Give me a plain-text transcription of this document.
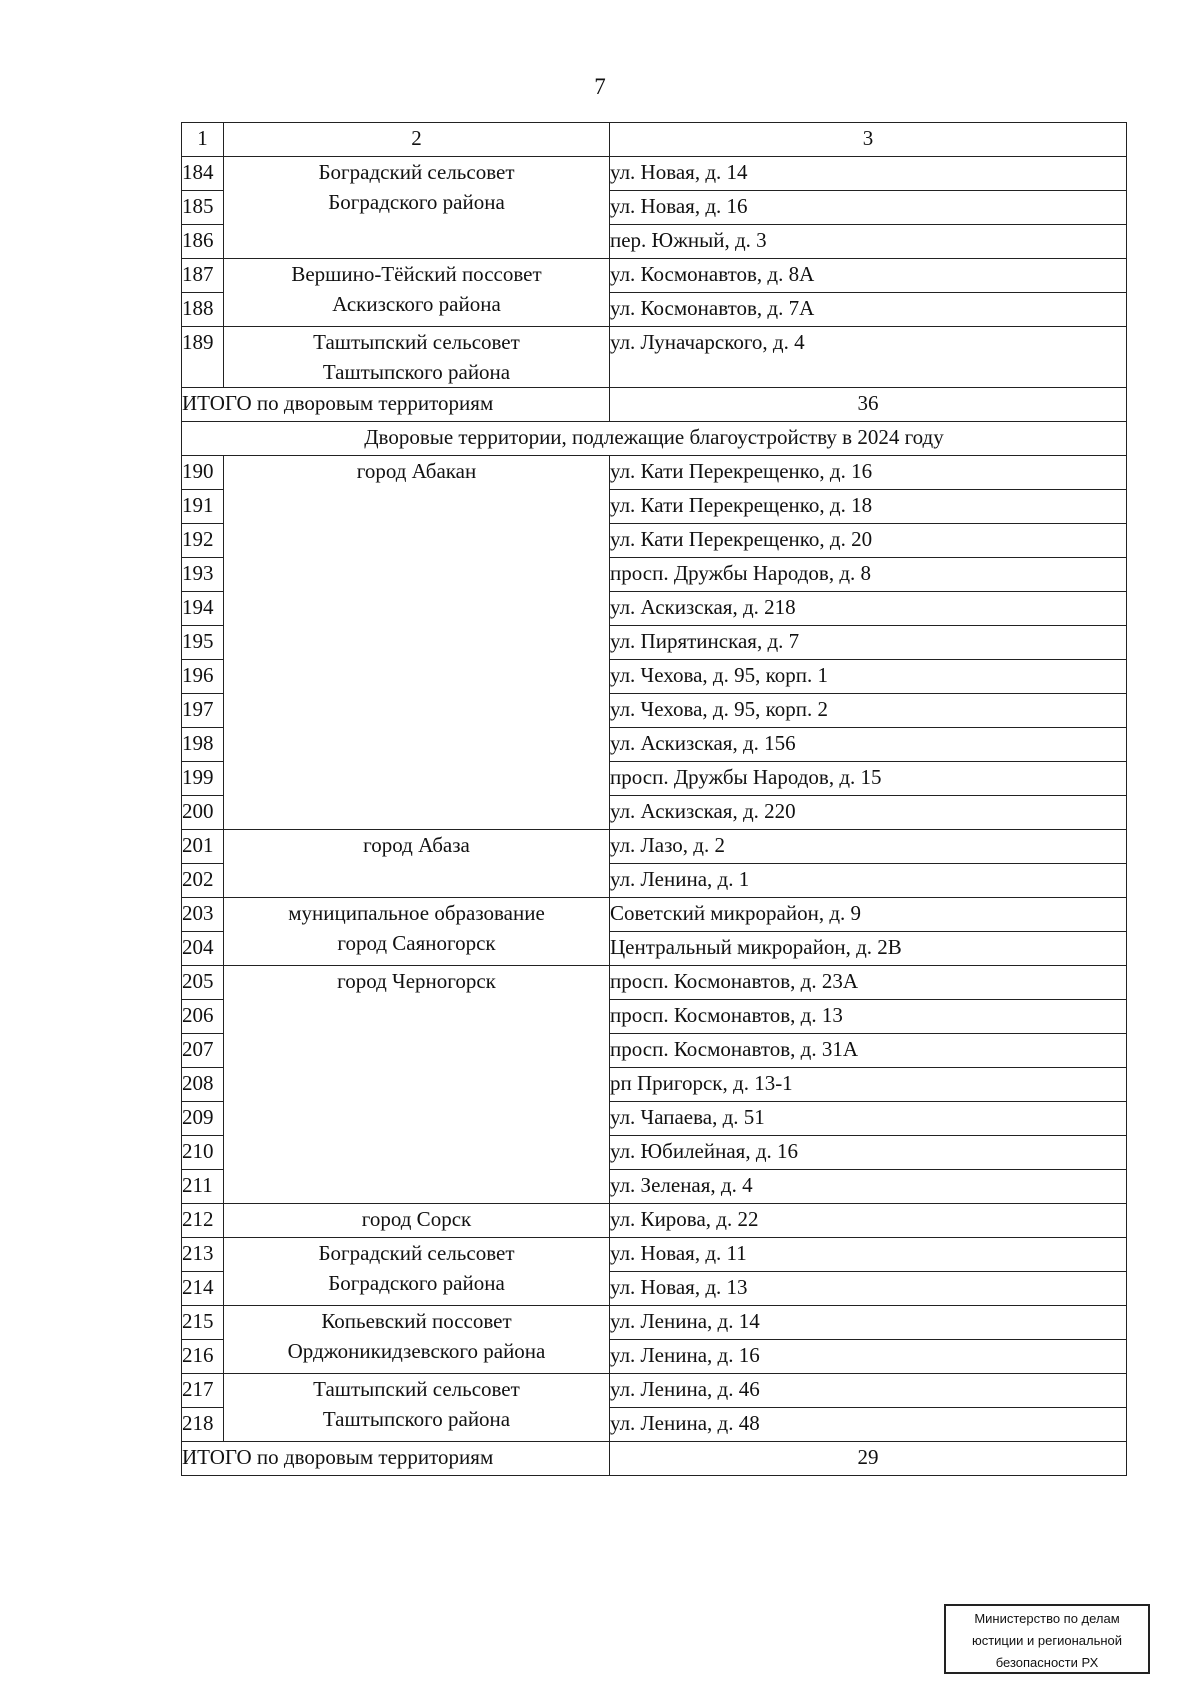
7
1	2	3
184	Боградский сельсовет
Боградского района	ул. Новая, д. 14
185		ул. Новая, д. 16
186		пер. Южный, д. 3
187	Вершино-Тёйский поссовет
Аскизского района	ул. Космонавтов, д. 8А
188		ул. Космонавтов, д. 7А
189	Таштыпский сельсовет
Таштыпского района	ул. Луначарского, д. 4
ИТОГО по дворовым территориям		36
Дворовые территории, подлежащие благоустройству в 2024 году		
190	город Абакан	ул. Кати Перекрещенко, д. 16
191		ул. Кати Перекрещенко, д. 18
192		ул. Кати Перекрещенко, д. 20
193		просп. Дружбы Народов, д. 8
194		ул. Аскизская, д. 218
195		ул. Пирятинская, д. 7
196		ул. Чехова, д. 95, корп. 1
197		ул. Чехова, д. 95, корп. 2
198		ул. Аскизская, д. 156
199		просп. Дружбы Народов, д. 15
200		ул. Аскизская, д. 220
201	город Абаза	ул. Лазо, д. 2
202		ул. Ленина, д. 1
203	муниципальное образование
город Саяногорск	Советский микрорайон, д. 9
204		Центральный микрорайон, д. 2В
205	город Черногорск	просп. Космонавтов, д. 23А
206		просп. Космонавтов, д. 13
207		просп. Космонавтов, д. 31А
208		рп Пригорск, д. 13-1
209		ул. Чапаева, д. 51
210		ул. Юбилейная, д. 16
211		ул. Зеленая, д. 4
212	город Сорск	ул. Кирова, д. 22
213	Боградский сельсовет
Боградского района	ул. Новая, д. 11
214		ул. Новая, д. 13
215	Копьевский поссовет
Орджоникидзевского района	ул. Ленина, д. 14
216		ул. Ленина, д. 16
217	Таштыпский сельсовет
Таштыпского района	ул. Ленина, д. 46
218		ул. Ленина, д. 48
ИТОГО по дворовым территориям		29
Министерство по делам
юстиции и региональной
безопасности РХ
